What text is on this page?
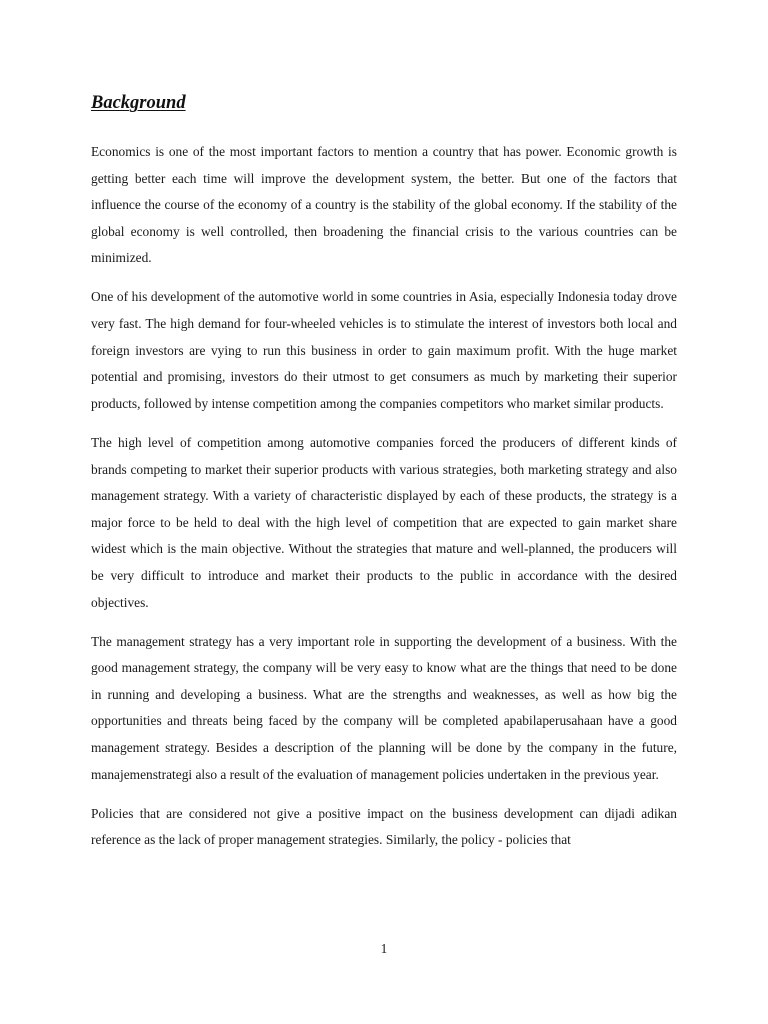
Background

Economics is one of the most important factors to mention a country that has power. Economic growth is getting better each time will improve the development system, the better. But one of the factors that influence the course of the economy of a country is the stability of the global economy. If the stability of the global economy is well controlled, then broadening the financial crisis to the various countries can be minimized.

One of his development of the automotive world in some countries in Asia, especially Indonesia today drove very fast. The high demand for four-wheeled vehicles is to stimulate the interest of investors both local and foreign investors are vying to run this business in order to gain maximum profit. With the huge market potential and promising, investors do their utmost to get consumers as much by marketing their superior products, followed by intense competition among the companies competitors who market similar products.

The high level of competition among automotive companies forced the producers of different kinds of brands competing to market their superior products with various strategies, both marketing strategy and also management strategy. With a variety of characteristic displayed by each of these products, the strategy is a major force to be held to deal with the high level of competition that are expected to gain market share widest which is the main objective. Without the strategies that mature and well-planned, the producers will be very difficult to introduce and market their products to the public in accordance with the desired objectives.

The management strategy has a very important role in supporting the development of a business. With the good management strategy, the company will be very easy to know what are the things that need to be done in running and developing a business. What are the strengths and weaknesses, as well as how big the opportunities and threats being faced by the company will be completed apabilaperusahaan have a good management strategy. Besides a description of the planning will be done by the company in the future, manajemenstrategi also a result of the evaluation of management policies undertaken in the previous year.

Policies that are considered not give a positive impact on the business development can dijadi adikan reference as the lack of proper management strategies. Similarly, the policy - policies that

1
